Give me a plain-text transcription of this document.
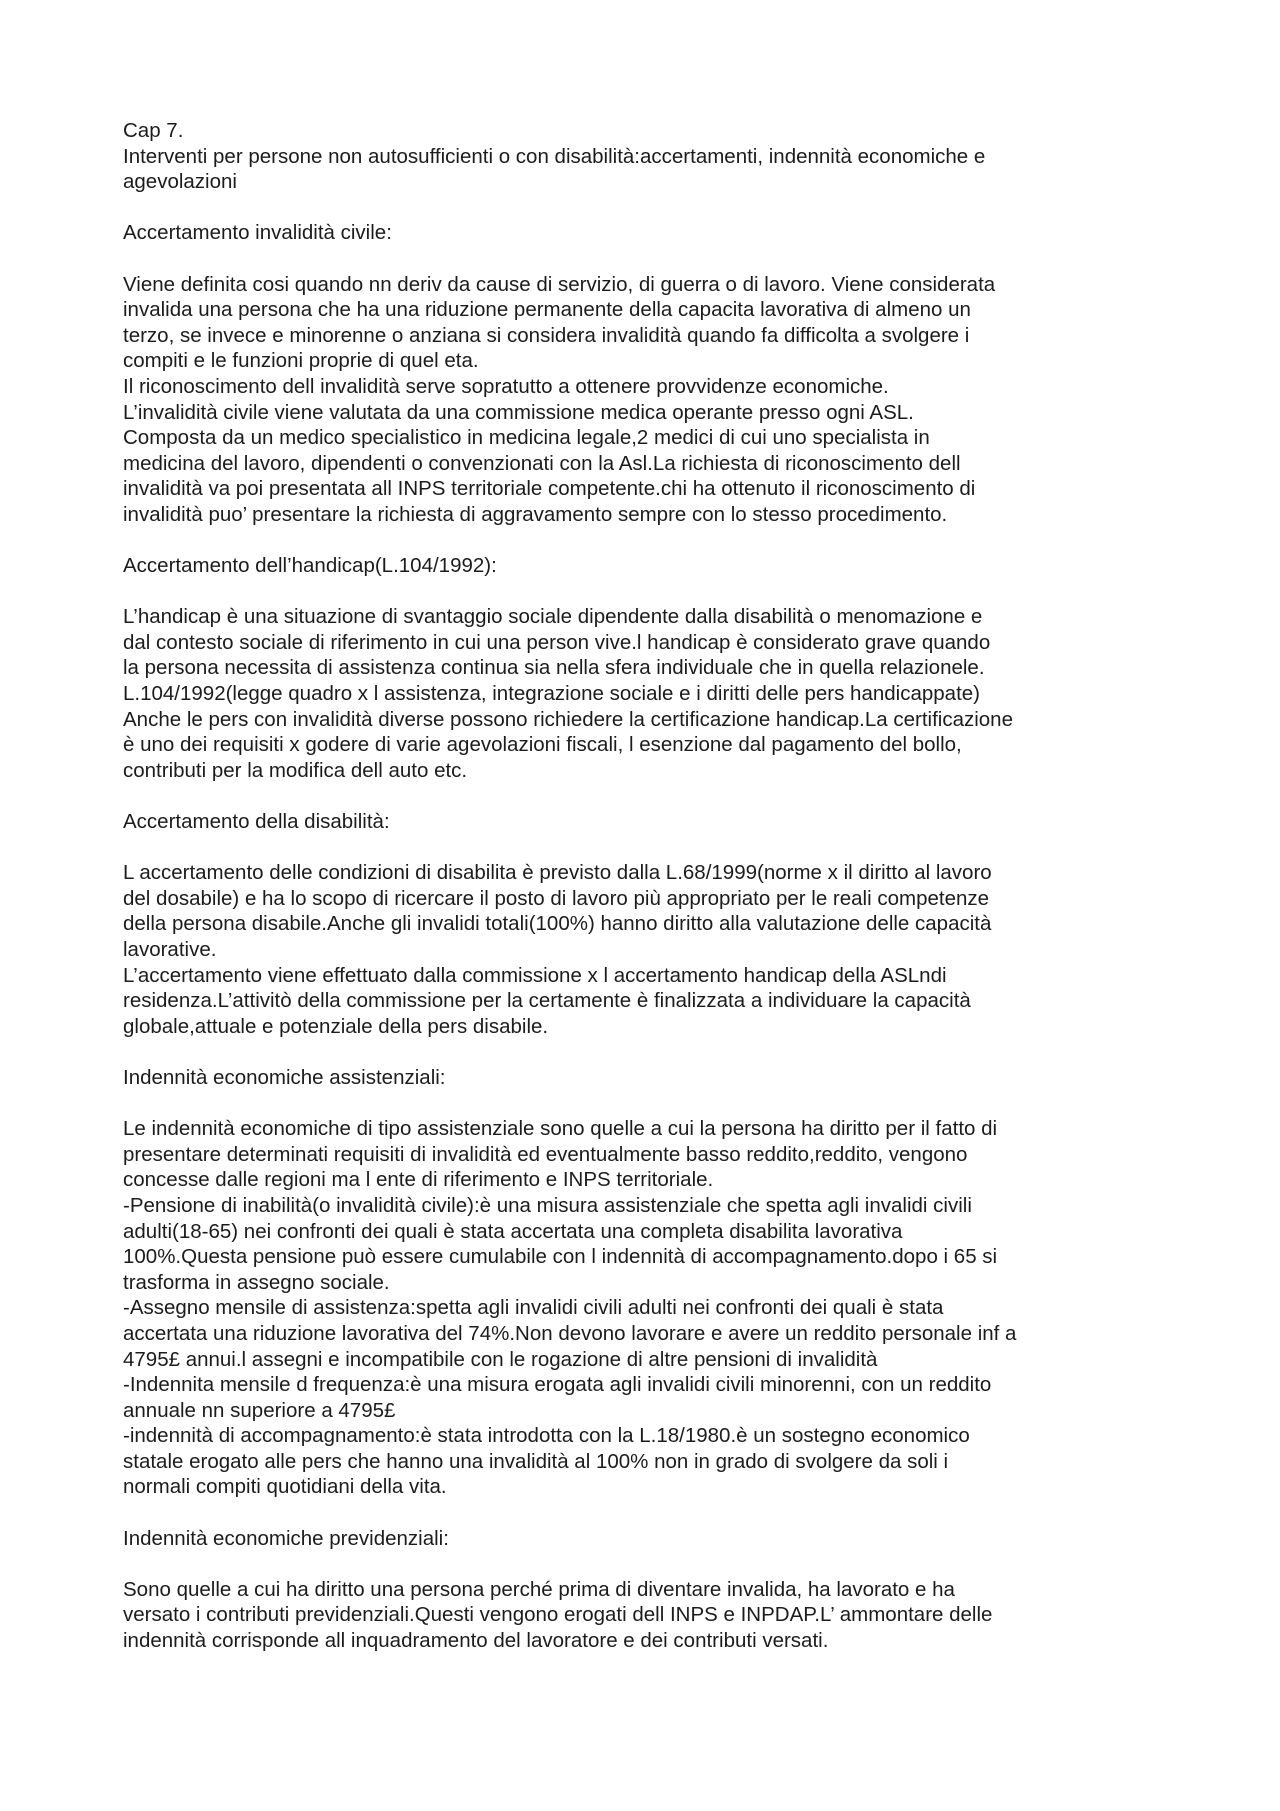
Cap 7.
Interventi per persone non autosufficienti o con disabilità:accertamenti, indennità economiche e
agevolazioni
Accertamento invalidità civile:
Viene definita cosi quando nn deriv da cause di servizio, di guerra o di lavoro. Viene considerata
invalida una persona che ha una riduzione permanente della capacita lavorativa di almeno un
terzo, se invece e minorenne o anziana si considera invalidità quando fa difficolta a svolgere i
compiti e le funzioni proprie di quel eta.
Il riconoscimento dell invalidità serve sopratutto a ottenere provvidenze economiche.
L’invalidità civile viene valutata da una commissione medica operante presso ogni ASL.
Composta da un medico specialistico in medicina legale,2 medici di cui uno specialista in
medicina del lavoro, dipendenti o convenzionati con la Asl.La richiesta di riconoscimento dell
invalidità va poi presentata all INPS territoriale competente.chi ha ottenuto il riconoscimento di
invalidità puo’ presentare la richiesta di aggravamento sempre con lo stesso procedimento.
Accertamento dell’handicap(L.104/1992):
L’handicap è una situazione di svantaggio sociale dipendente dalla disabilità o menomazione e
dal contesto sociale di riferimento in cui una person vive.l handicap è considerato grave quando
la persona necessita di assistenza continua sia nella sfera individuale che in quella relazionele.
L.104/1992(legge quadro x l assistenza, integrazione sociale e i diritti delle pers handicappate)
Anche le pers con invalidità diverse possono richiedere la certificazione handicap.La certificazione
è uno dei requisiti x godere di varie agevolazioni fiscali, l esenzione dal pagamento del bollo,
contributi per la modifica dell auto etc.
Accertamento della disabilità:
L accertamento delle condizioni di disabilita è previsto dalla L.68/1999(norme x il diritto al lavoro
del dosabile) e ha lo scopo di ricercare il posto di lavoro più appropriato per le reali competenze
della persona disabile.Anche gli invalidi totali(100%) hanno diritto alla valutazione delle capacità
lavorative.
L’accertamento viene effettuato dalla commissione x l accertamento handicap della ASLndi
residenza.L’attivitò della commissione per la certamente è finalizzata a individuare la capacità
globale,attuale e potenziale della pers disabile.
Indennità economiche assistenziali:
Le indennità economiche di tipo assistenziale sono quelle a cui la persona ha diritto per il fatto di
presentare determinati requisiti di invalidità ed eventualmente basso reddito,reddito, vengono
concesse dalle regioni ma l ente di riferimento e INPS territoriale.
-Pensione di inabilità(o invalidità civile):è una misura assistenziale che spetta agli invalidi civili
adulti(18-65) nei confronti dei quali è stata accertata una completa disabilita lavorativa
100%.Questa pensione può essere cumulabile con l indennità di accompagnamento.dopo i 65 si
trasforma in assegno sociale.
-Assegno mensile di assistenza:spetta agli invalidi civili adulti nei confronti dei quali è stata
accertata una riduzione lavorativa del 74%.Non devono lavorare e avere un reddito personale inf a
4795£ annui.l assegni e incompatibile con le rogazione di altre pensioni di invalidità
-Indennita mensile d frequenza:è una misura erogata agli invalidi civili minorenni, con un reddito
annuale nn superiore a 4795£
-indennità di accompagnamento:è stata introdotta con la L.18/1980.è un sostegno economico
statale erogato alle pers che hanno una invalidità al 100% non in grado di svolgere da soli i
normali compiti quotidiani della vita.
Indennità economiche previdenziali:
Sono quelle a cui ha diritto una persona perché prima di diventare invalida, ha lavorato e ha
versato i contributi previdenziali.Questi vengono erogati dell INPS e INPDAP.L’ ammontare delle
indennità corrisponde all inquadramento del lavoratore e dei contributi versati.
